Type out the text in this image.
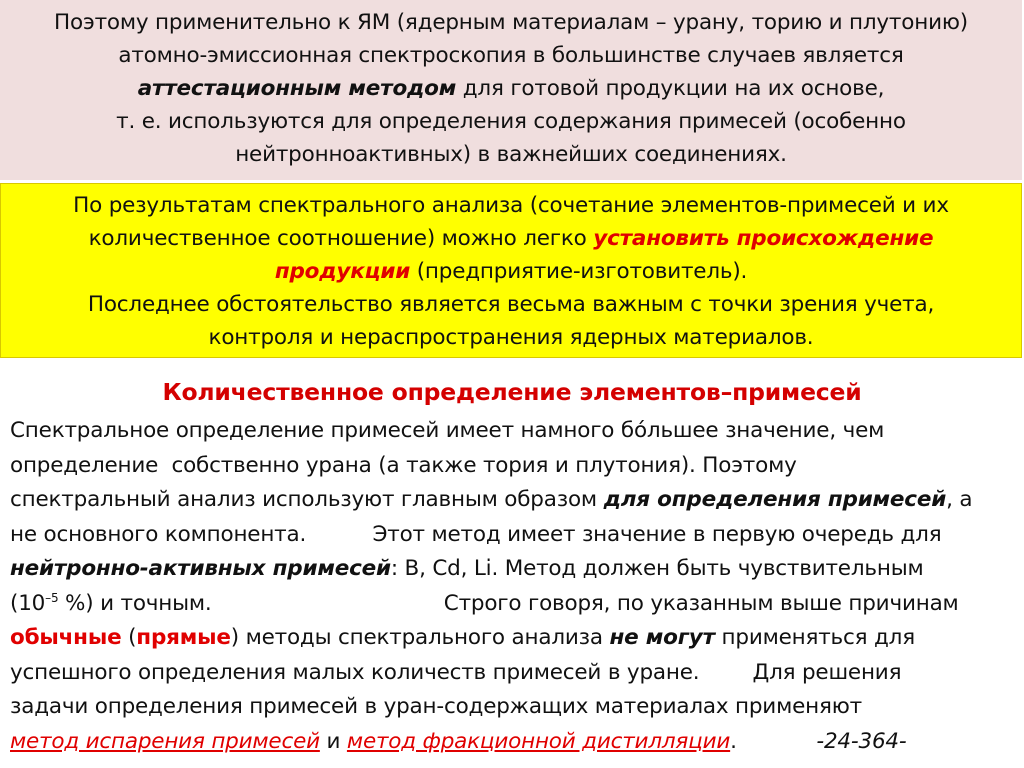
Поэтому применительно к ЯМ (ядерным материалам – урану, торию и плутонию)
атомно-эмиссионная спектроскопия в большинстве случаев является
аттестационным методом для готовой продукции на их основе,
т. е. используются для определения содержания примесей (особенно
нейтронноактивных) в важнейших соединениях.
По результатам спектрального анализа (сочетание элементов-примесей и их
количественное соотношение) можно легко установить происхождение
продукции (предприятие-изготовитель).
Последнее обстоятельство является весьма важным с точки зрения учета,
контроля и нераспространения ядерных материалов.
Количественное определение элементов–примесей
Спектральное определение примесей имеет намного бо́льшее значение, чем
определение  собственно урана (а также тория и плутония). Поэтому
спектральный анализ используют главным образом для определения примесей, а
не основного компонента.          Этот метод имеет значение в первую очередь для
нейтронно-активных примесей: B, Cd, Li. Метод должен быть чувствительным
($10^{-5}$ %) и точным.                                   Строго говоря, по указанным выше причинам
обычные (прямые) методы спектрального анализа не могут применяться для
успешного определения малых количеств примесей в уране.        Для решения
задачи определения примесей в уран-содержащих материалах применяют
метод испарения примесей и метод фракционной дистилляции.            -24-364-
